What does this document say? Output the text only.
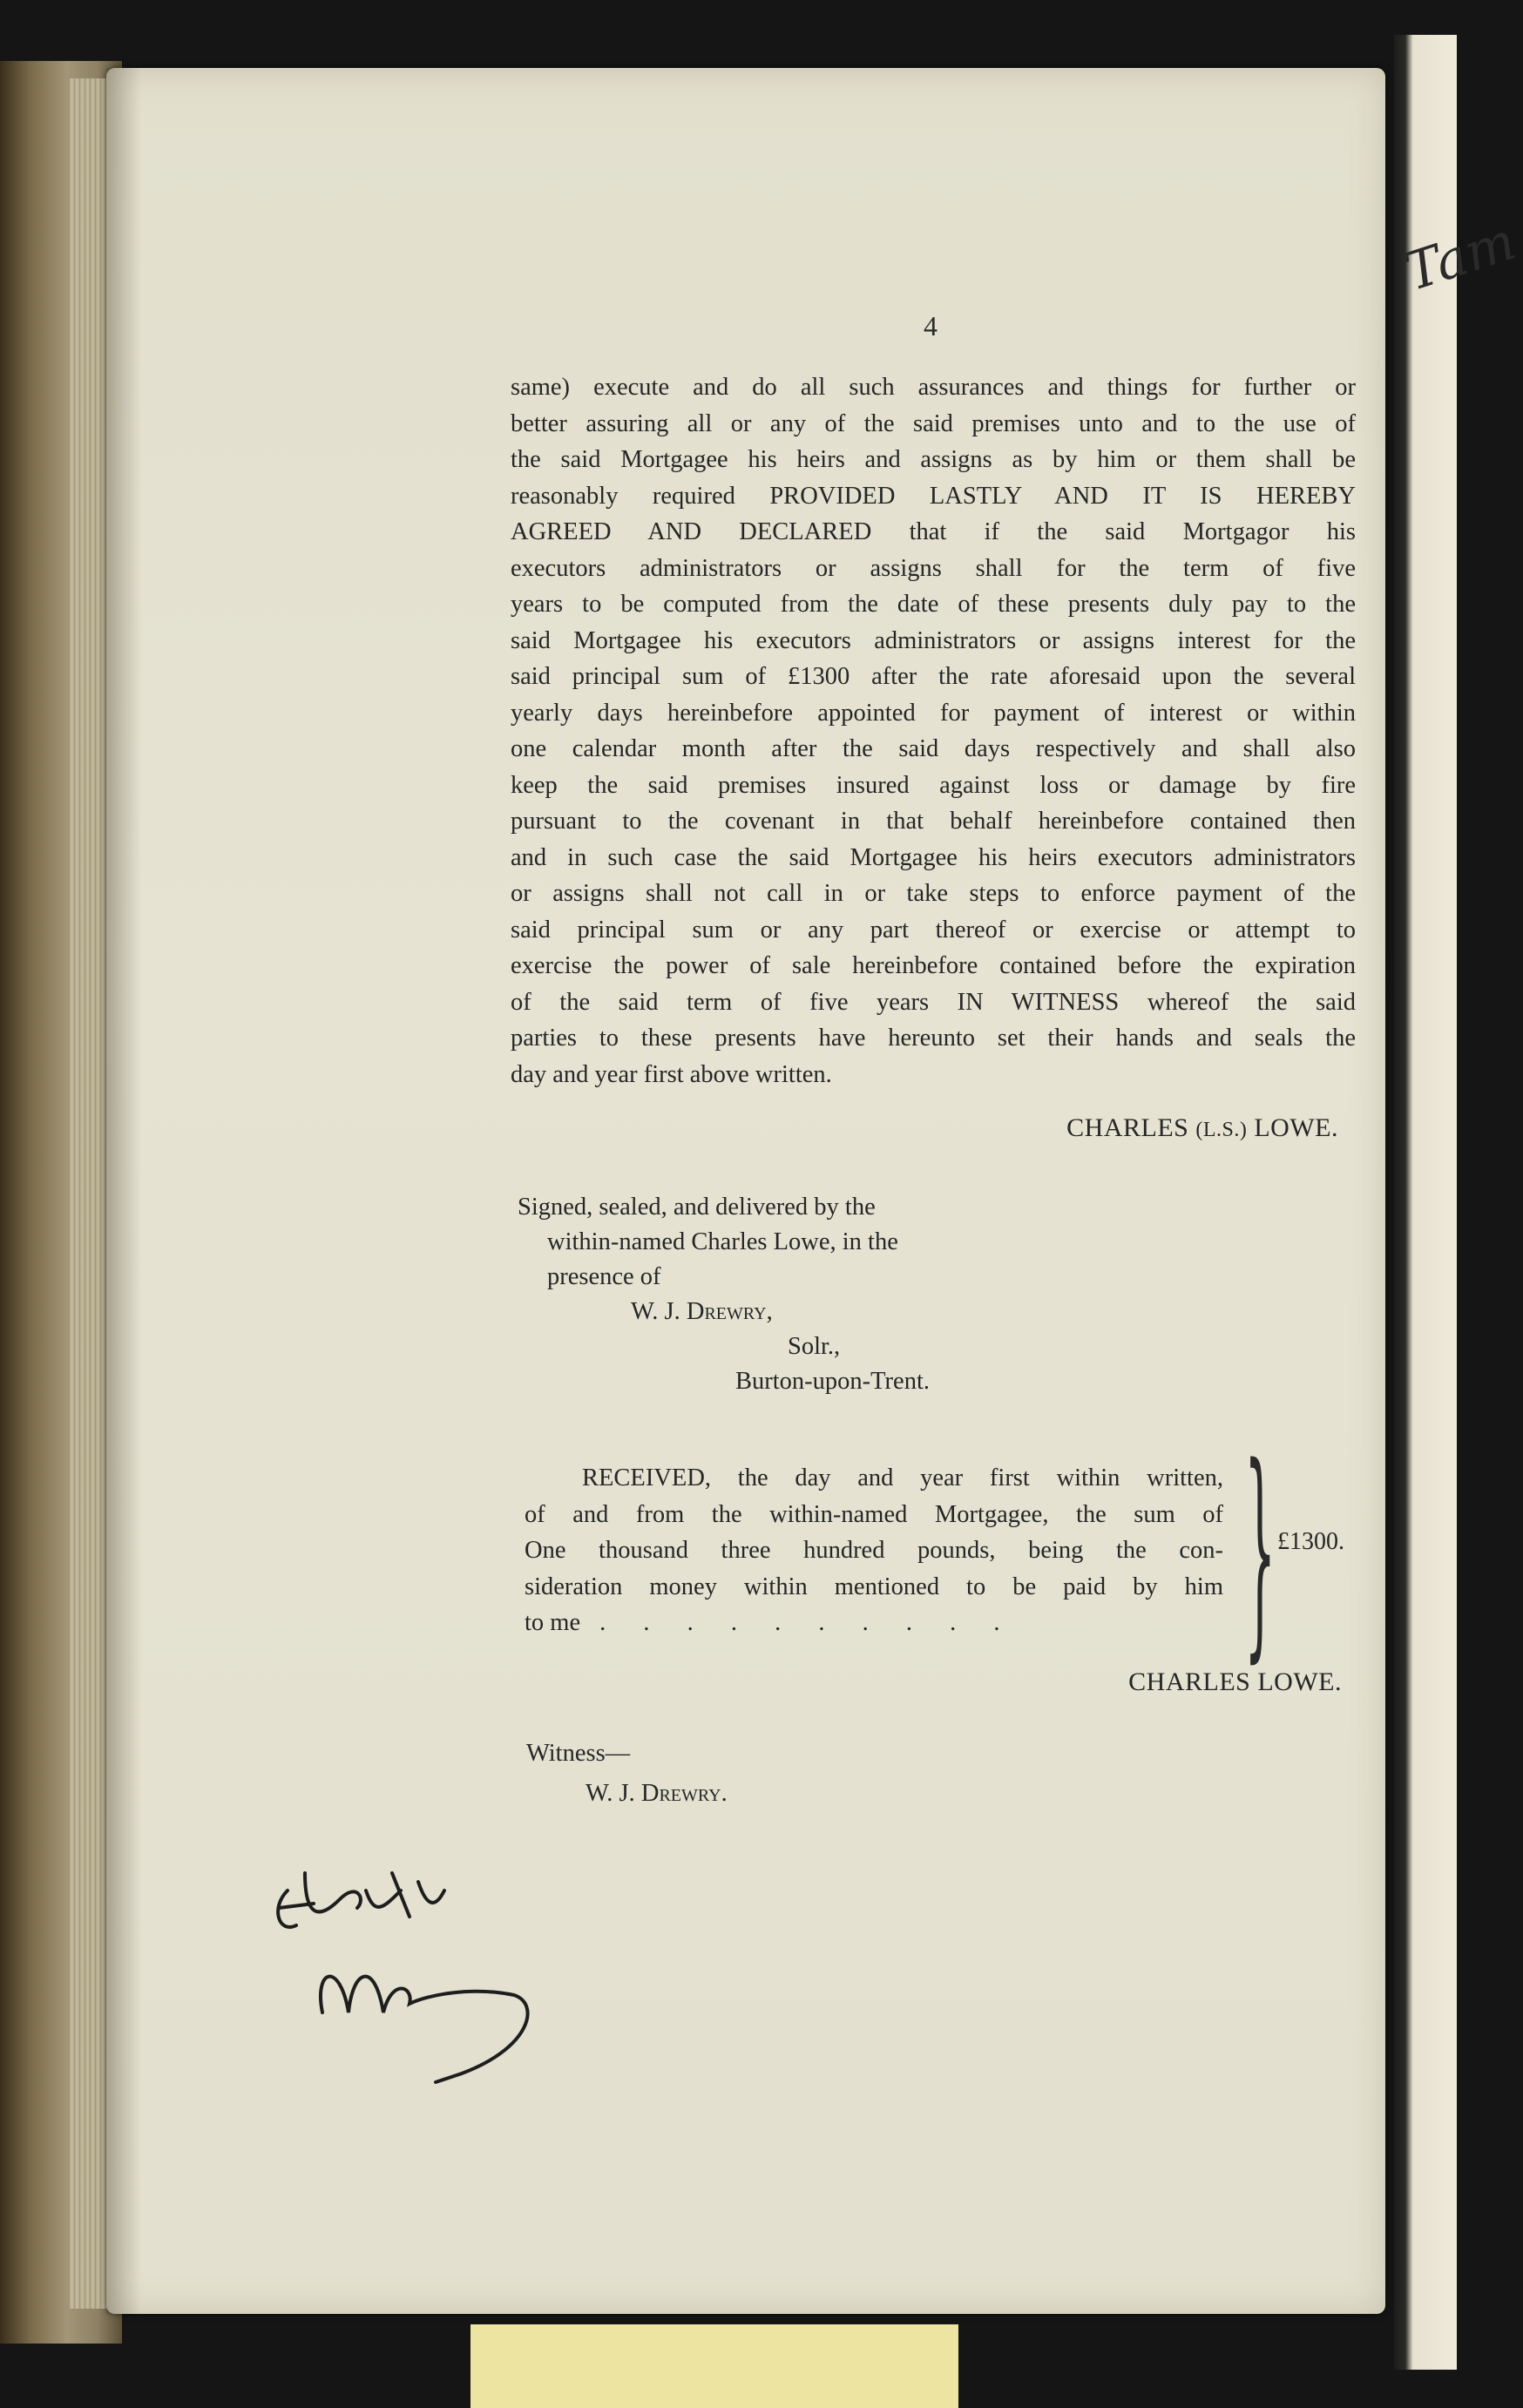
Tam
4
same) execute and do all such assurances and things for further or
better assuring all or any of the said premises unto and to the use of
the said Mortgagee his heirs and assigns as by him or them shall be
reasonably required PROVIDED LASTLY AND IT IS HEREBY
AGREED AND DECLARED that if the said Mortgagor his
executors administrators or assigns shall for the term of five
years to be computed from the date of these presents duly pay to the
said Mortgagee his executors administrators or assigns interest for the
said principal sum of £1300 after the rate aforesaid upon the several
yearly days hereinbefore appointed for payment of interest or within
one calendar month after the said days respectively and shall also
keep the said premises insured against loss or damage by fire
pursuant to the covenant in that behalf hereinbefore contained then
and in such case the said Mortgagee his heirs executors administrators
or assigns shall not call in or take steps to enforce payment of the
said principal sum or any part thereof or exercise or attempt to
exercise the power of sale hereinbefore contained before the expiration
of the said term of five years IN WITNESS whereof the said
parties to these presents have hereunto set their hands and seals the
day and year first above written.
CHARLES (L.S.) LOWE.
Signed, sealed, and delivered by the
within-named Charles Lowe, in the
presence of
W. J. Drewry,
Solr.,
Burton-upon-Trent.
RECEIVED, the day and year first within written,
of and from the within-named Mortgagee, the sum of
One thousand three hundred pounds, being the con-
sideration money within mentioned to be paid by him
to me . . . . . . . . . .	} £1300.
CHARLES LOWE.
Witness—
W. J. Drewry.
